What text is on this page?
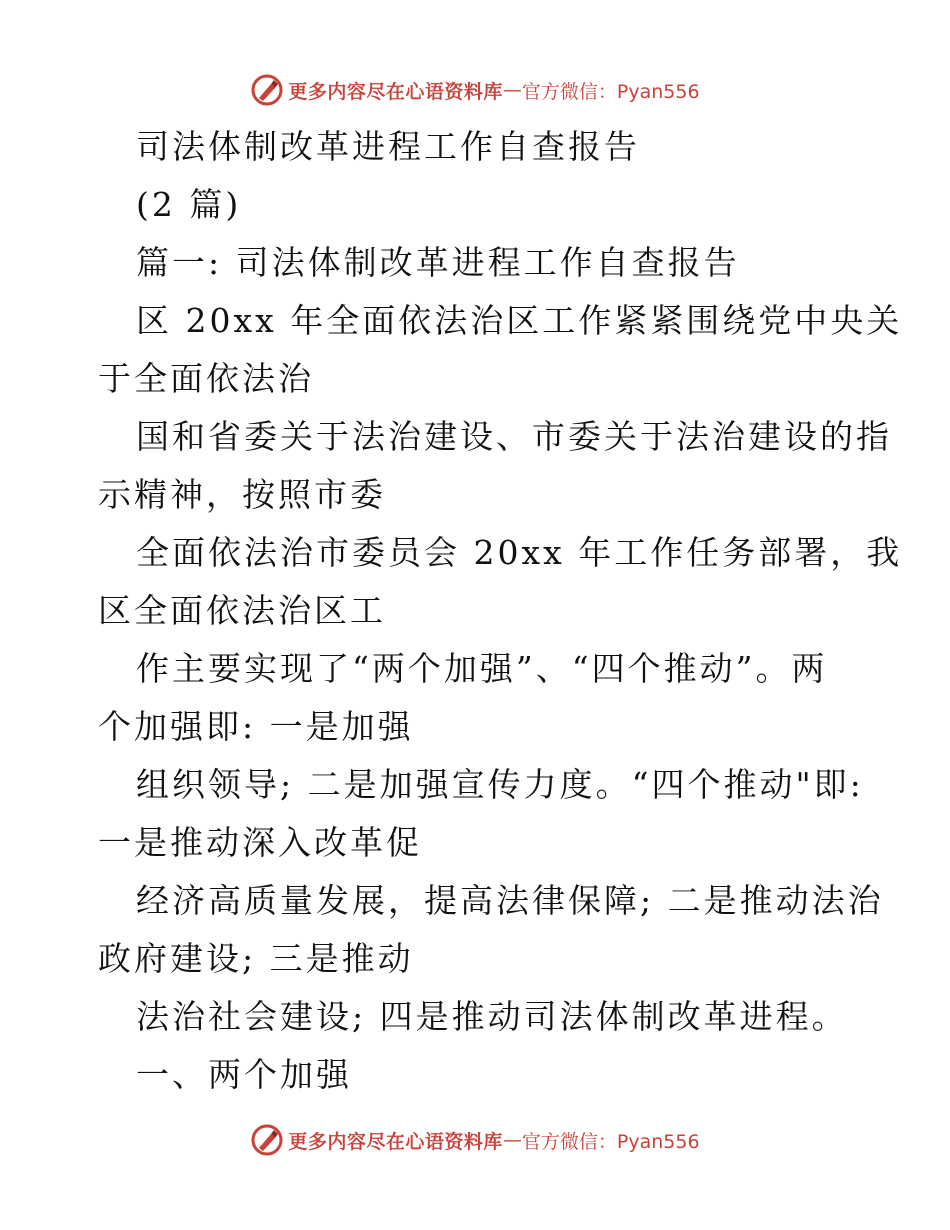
更多内容尽在心语资料库 — 官方微信：Pyan556
司法体制改革进程工作自查报告
(2 篇)
篇一: 司法体制改革进程工作自查报告
区 20xx 年全面依法治区工作紧紧围绕党中央关
于全面依法治
国和省委关于法治建设、市委关于法治建设的指
示精神，按照市委
全面依法治市委员会 20xx 年工作任务部署，我
区全面依法治区工
作主要实现了“两个加强”、“四个推动”。两
个加强即: 一是加强
组织领导; 二是加强宣传力度。“四个推动"即:
一是推动深入改革促
经济高质量发展，提高法律保障; 二是推动法治
政府建设; 三是推动
法治社会建设; 四是推动司法体制改革进程。
一、两个加强
更多内容尽在心语资料库 — 官方微信：Pyan556
